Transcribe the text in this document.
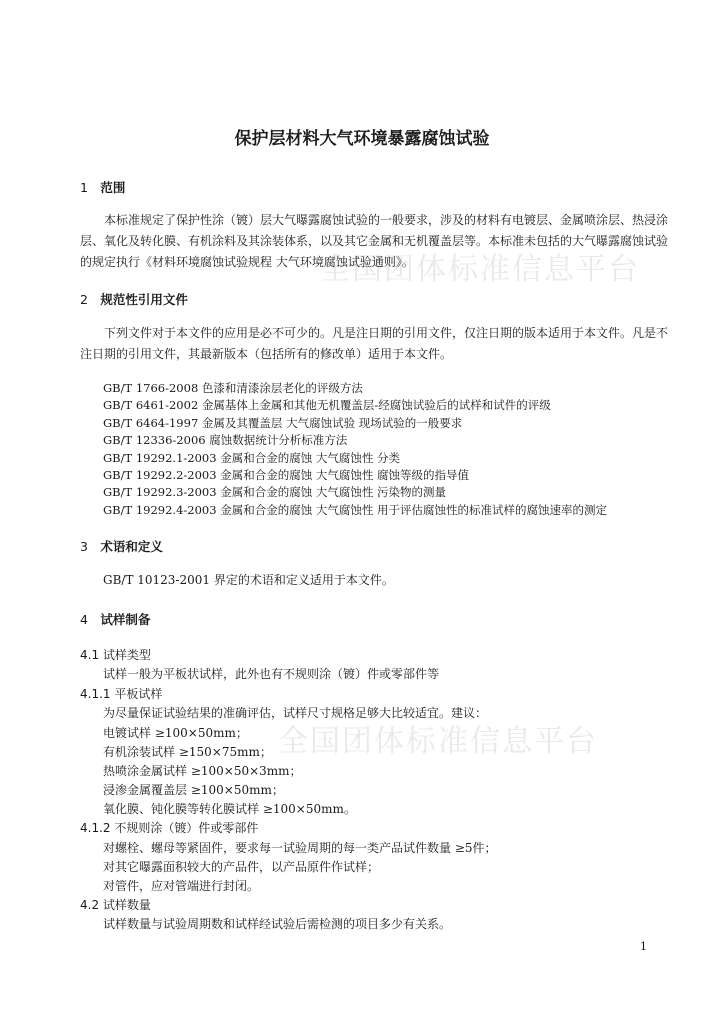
全国团体标准信息平台
全国团体标准信息平台
保护层材料大气环境暴露腐蚀试验
1 范围
本标准规定了保护性涂（镀）层大气曝露腐蚀试验的一般要求，涉及的材料有电镀层、金属喷涂层、热浸涂层、氧化及转化膜、有机涂料及其涂装体系，以及其它金属和无机覆盖层等。本标准未包括的大气曝露腐蚀试验的规定执行《材料环境腐蚀试验规程 大气环境腐蚀试验通则》。
2 规范性引用文件
下列文件对于本文件的应用是必不可少的。凡是注日期的引用文件，仅注日期的版本适用于本文件。凡是不注日期的引用文件，其最新版本（包括所有的修改单）适用于本文件。
GB/T 1766-2008 色漆和清漆涂层老化的评级方法
GB/T 6461-2002 金属基体上金属和其他无机覆盖层-经腐蚀试验后的试样和试件的评级
GB/T 6464-1997 金属及其覆盖层 大气腐蚀试验 现场试验的一般要求
GB/T 12336-2006 腐蚀数据统计分析标准方法
GB/T 19292.1-2003 金属和合金的腐蚀 大气腐蚀性 分类
GB/T 19292.2-2003 金属和合金的腐蚀 大气腐蚀性 腐蚀等级的指导值
GB/T 19292.3-2003 金属和合金的腐蚀 大气腐蚀性 污染物的测量
GB/T 19292.4-2003 金属和合金的腐蚀 大气腐蚀性 用于评估腐蚀性的标准试样的腐蚀速率的测定
3 术语和定义
GB/T 10123-2001 界定的术语和定义适用于本文件。
4 试样制备
4.1 试样类型
试样一般为平板状试样，此外也有不规则涂（镀）件或零部件等
4.1.1 平板试样
为尽量保证试验结果的准确评估，试样尺寸规格足够大比较适宜。建议：
电镀试样 ≥100×50mm；
有机涂装试样 ≥150×75mm；
热喷涂金属试样 ≥100×50×3mm；
浸渗金属覆盖层 ≥100×50mm；
氧化膜、钝化膜等转化膜试样 ≥100×50mm。
4.1.2 不规则涂（镀）件或零部件
对螺栓、螺母等紧固件，要求每一试验周期的每一类产品试件数量 ≥5件；
对其它曝露面积较大的产品件，以产品原件作试样；
对管件，应对管端进行封闭。
4.2 试样数量
试样数量与试验周期数和试样经试验后需检测的项目多少有关系。
1
